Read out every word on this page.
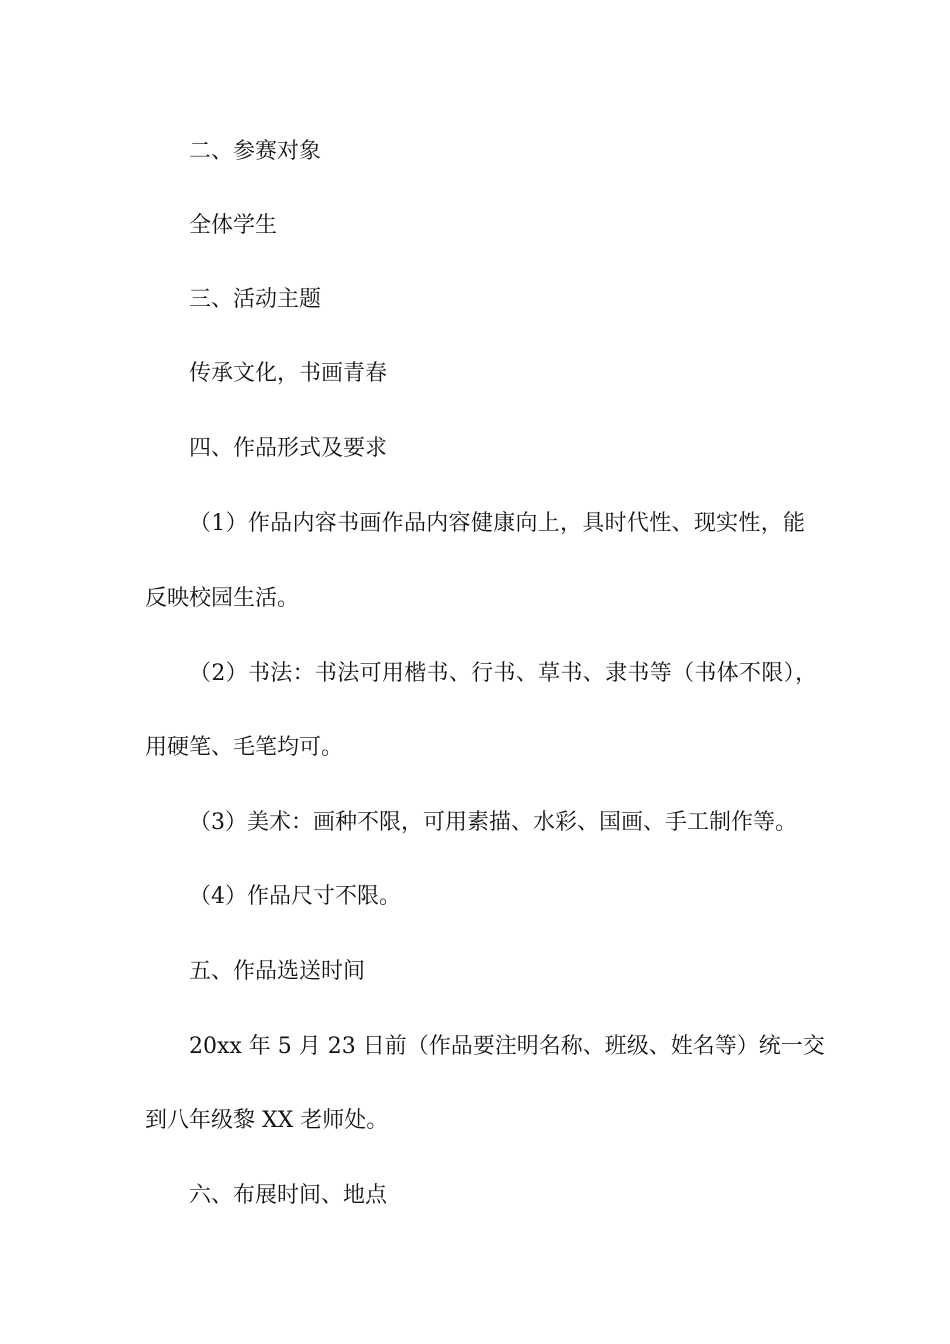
二、参赛对象
全体学生
三、活动主题
传承文化，书画青春
四、作品形式及要求
（1）作品内容书画作品内容健康向上，具时代性、现实性，能
反映校园生活。
（2）书法：书法可用楷书、行书、草书、隶书等（书体不限），
用硬笔、毛笔均可。
（3）美术：画种不限，可用素描、水彩、国画、手工制作等。
（4）作品尺寸不限。
五、作品选送时间
20xx 年 5 月 23 日前（作品要注明名称、班级、姓名等）统一交
到八年级黎 XX 老师处。
六、布展时间、地点
